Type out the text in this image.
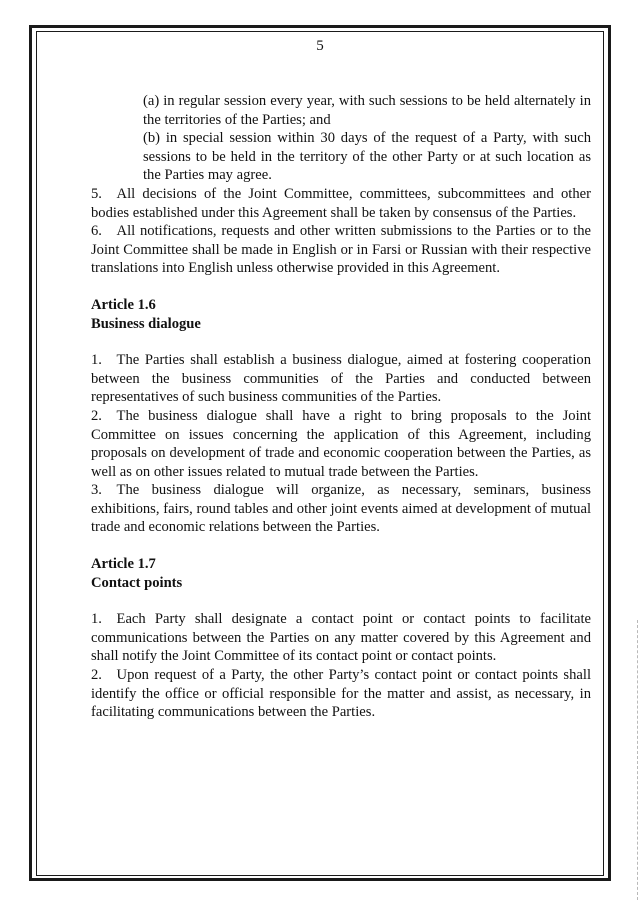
5

(a) in regular session every year, with such sessions to be held alternately in the territories of the Parties; and

(b) in special session within 30 days of the request of a Party, with such sessions to be held in the territory of the other Party or at such location as the Parties may agree.

5. All decisions of the Joint Committee, committees, subcommittees and other bodies established under this Agreement shall be taken by consensus of the Parties.

6. All notifications, requests and other written submissions to the Parties or to the Joint Committee shall be made in English or in Farsi or Russian with their respective translations into English unless otherwise provided in this Agreement.

Article 1.6

Business dialogue

1. The Parties shall establish a business dialogue, aimed at fostering cooperation between the business communities of the Parties and conducted between representatives of such business communities of the Parties.

2. The business dialogue shall have a right to bring proposals to the Joint Committee on issues concerning the application of this Agreement, including proposals on development of trade and economic cooperation between the Parties, as well as on other issues related to mutual trade between the Parties.

3. The business dialogue will organize, as necessary, seminars, business exhibitions, fairs, round tables and other joint events aimed at development of mutual trade and economic relations between the Parties.

Article 1.7

Contact points

1. Each Party shall designate a contact point or contact points to facilitate communications between the Parties on any matter covered by this Agreement and shall notify the Joint Committee of its contact point or contact points.

2. Upon request of a Party, the other Party’s contact point or contact points shall identify the office or official responsible for the matter and assist, as necessary, in facilitating communications between the Parties.
